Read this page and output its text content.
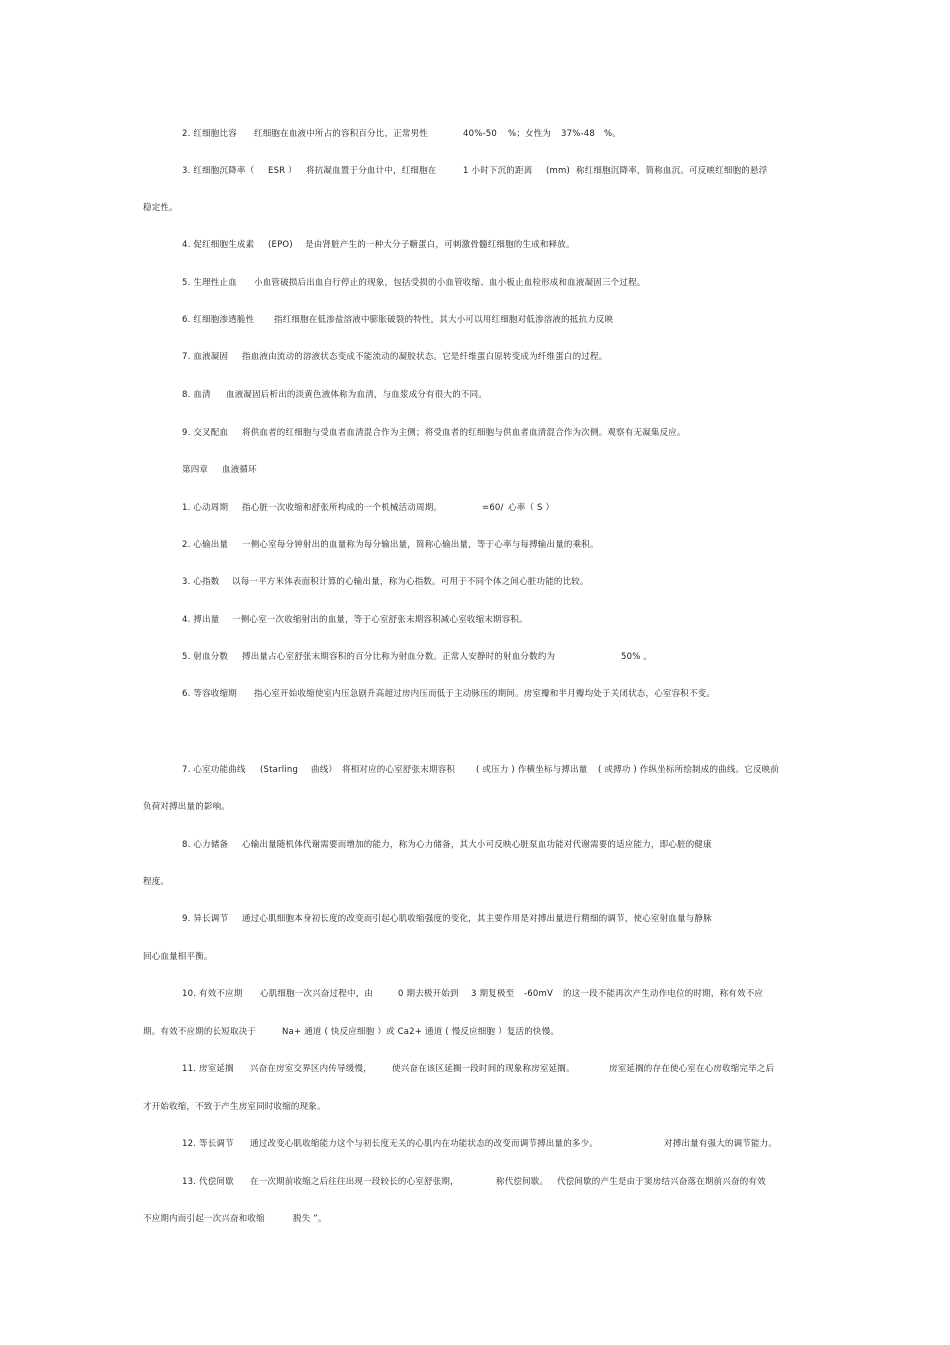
2. 红细胞比容 红细胞在血液中所占的容积百分比，正常男性	40%-50 %；女性为 37%-48 %。
3. 红细胞沉降率（ ESR ） 将抗凝血置于分血计中，红细胞在	1 小时下沉的距离 (mm) 称红细胞沉降率，简称血沉。可反映红细胞的悬浮
稳定性。
4. 促红细胞生成素 (EPO) 是由肾脏产生的一种大分子糖蛋白，可刺激骨髓红细胞的生成和释放。
5. 生理性止血 小血管破损后出血自行停止的现象，包括受损的小血管收缩、血小板止血栓形成和血液凝固三个过程。
6. 红细胞渗透脆性 指红细胞在低渗盐溶液中膨胀破裂的特性，其大小可以用红细胞对低渗溶液的抵抗力反映
7. 血液凝固 指血液由流动的溶液状态变成不能流动的凝胶状态。它是纤维蛋白原转变成为纤维蛋白的过程。
8. 血清 血液凝固后析出的淡黄色液体称为血清，与血浆成分有很大的不同。
9. 交叉配血 将供血者的红细胞与受血者血清混合作为主侧；将受血者的红细胞与供血者血清混合作为次侧。观察有无凝集反应。
第四章 血液循环
1. 心动周期 指心脏一次收缩和舒张所构成的一个机械活动周期。	=60/ 心率（ S ）
2. 心输出量 一侧心室每分钟射出的血量称为每分输出量，简称心输出量，等于心率与每搏输出量的乘积。
3. 心指数 以每一平方米体表面积计算的心输出量，称为心指数。可用于不同个体之间心脏功能的比较。
4. 搏出量 一侧心室一次收缩射出的血量，等于心室舒张末期容积减心室收缩末期容积。
5. 射血分数 搏出量占心室舒张末期容积的百分比称为射血分数。正常人安静时的射血分数约为	50% 。
6. 等容收缩期 指心室开始收缩使室内压急剧升高超过房内压而低于主动脉压的期间。房室瓣和半月瓣均处于关闭状态，心室容积不变。
7. 心室功能曲线 (Starling 曲线） 将相对应的心室舒张末期容积 ( 或压力 ) 作横坐标与搏出量 ( 或搏功 ) 作纵坐标所绘制成的曲线。它反映前
负荷对搏出量的影响。
8. 心力储备 心输出量随机体代谢需要而增加的能力，称为心力储备，其大小可反映心脏泵血功能对代谢需要的适应能力，即心脏的健康
程度。
9. 异长调节 通过心肌细胞本身初长度的改变而引起心肌收缩强度的变化，其主要作用是对搏出量进行精细的调节，使心室射血量与静脉
回心血量相平衡。
10. 有效不应期 心肌细胞一次兴奋过程中，由	0 期去极开始到 3 期复极至 -60mV 的这一段不能再次产生动作电位的时期，称有效不应
期。有效不应期的长短取决于	Na+ 通道 ( 快反应细胞 ）或 Ca2+ 通道 ( 慢反应细胞 ）复活的快慢。
11. 房室延搁 兴奋在房室交界区内传导缓慢， 使兴奋在该区延搁一段时间的现象称房室延搁。	房室延搁的存在使心室在心房收缩完毕之后
才开始收缩，不致于产生房室同时收缩的现象。
12. 等长调节 通过改变心肌收缩能力这个与初长度无关的心肌内在功能状态的改变而调节搏出量的多少。	对搏出量有强大的调节能力。
13. 代偿间歇 在一次期前收缩之后往往出现一段较长的心室舒张期，	称代偿间歇。 代偿间歇的产生是由于窦房结兴奋落在期前兴奋的有效
不应期内而引起一次兴奋和收缩	脱失 ”。
